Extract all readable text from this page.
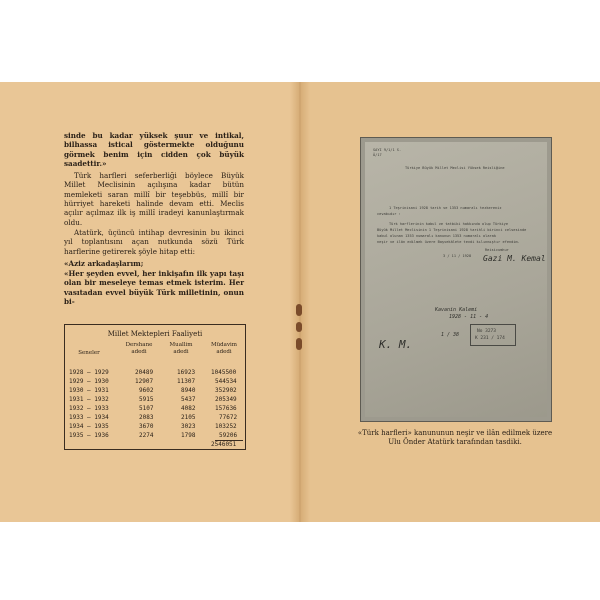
sinde bu kadar yüksek şuur ve intikal, bilhassa istical göstermekte olduğunu görmek benim için cidden çok büyük saadettir.»

Türk harfleri seferberliği böylece Büyük Millet Meclisinin açılışına kadar bütün memleketi saran millî bir teşebbüs, millî bir hürriyet hareketi halinde devam etti. Meclis açılır açılmaz ilk iş millî iradeyi kanunlaştırmak oldu.

Atatürk, üçüncü intihap devresinin bu ikinci yıl toplantısını açan nutkunda sözü Türk harflerine getirerek şöyle hitap etti:

«Aziz arkadaşlarım;

«Her şeyden evvel, her inkişafın ilk yapı taşı olan bir meseleye temas etmek isterim. Her vasıtadan evvel büyük Türk milletinin, onun bi-

Millet Mektepleri Faaliyeti
Seneler
Dershane adedi
Muallim adedi
Müdavim adedi
1928 — 1929	20489	16923	1045500
1929 — 1930	12907	11307	544534
1930 — 1931	9602	8940	352902
1931 — 1932	5915	5437	205349
1932 — 1933	5107	4082	157636
1933 — 1934	2083	2105	77672
1934 — 1935	3670	3023	103252
1935 — 1936	2274	1798	59206
2546051
SAYI 9/1/1 S.
Ö/17
Türkiye Büyük Millet Meclisi Yüksek Reisliğine
1 Teşrinisani 1928 tarih ve 1353 numaralı tezkereniz
cevabıdır :
Türk harflerinin kabul ve tatbiki hakkında olup Türkiye
Büyük Millet Meclisinin 1 Teşrinisani 1928 tarihli birinci celsesinde
kabul olunan 1353 numaralı kanunun 1353 numaralı olarak
neşir ve ilân edilmek üzere Başvekâlete tevdi kılınmıştır efendim.
Reisicumhur
3 / 11 / 1928 Gazi M. Kemal
Kavanin Kalemi
1928 - 11 - 4
No 3273
K 231 / 174
K. M.
1 / 38
«Türk harfleri» kanununun neşir ve ilân edilmek üzere Ulu Önder Atatürk tarafından tasdiki.
